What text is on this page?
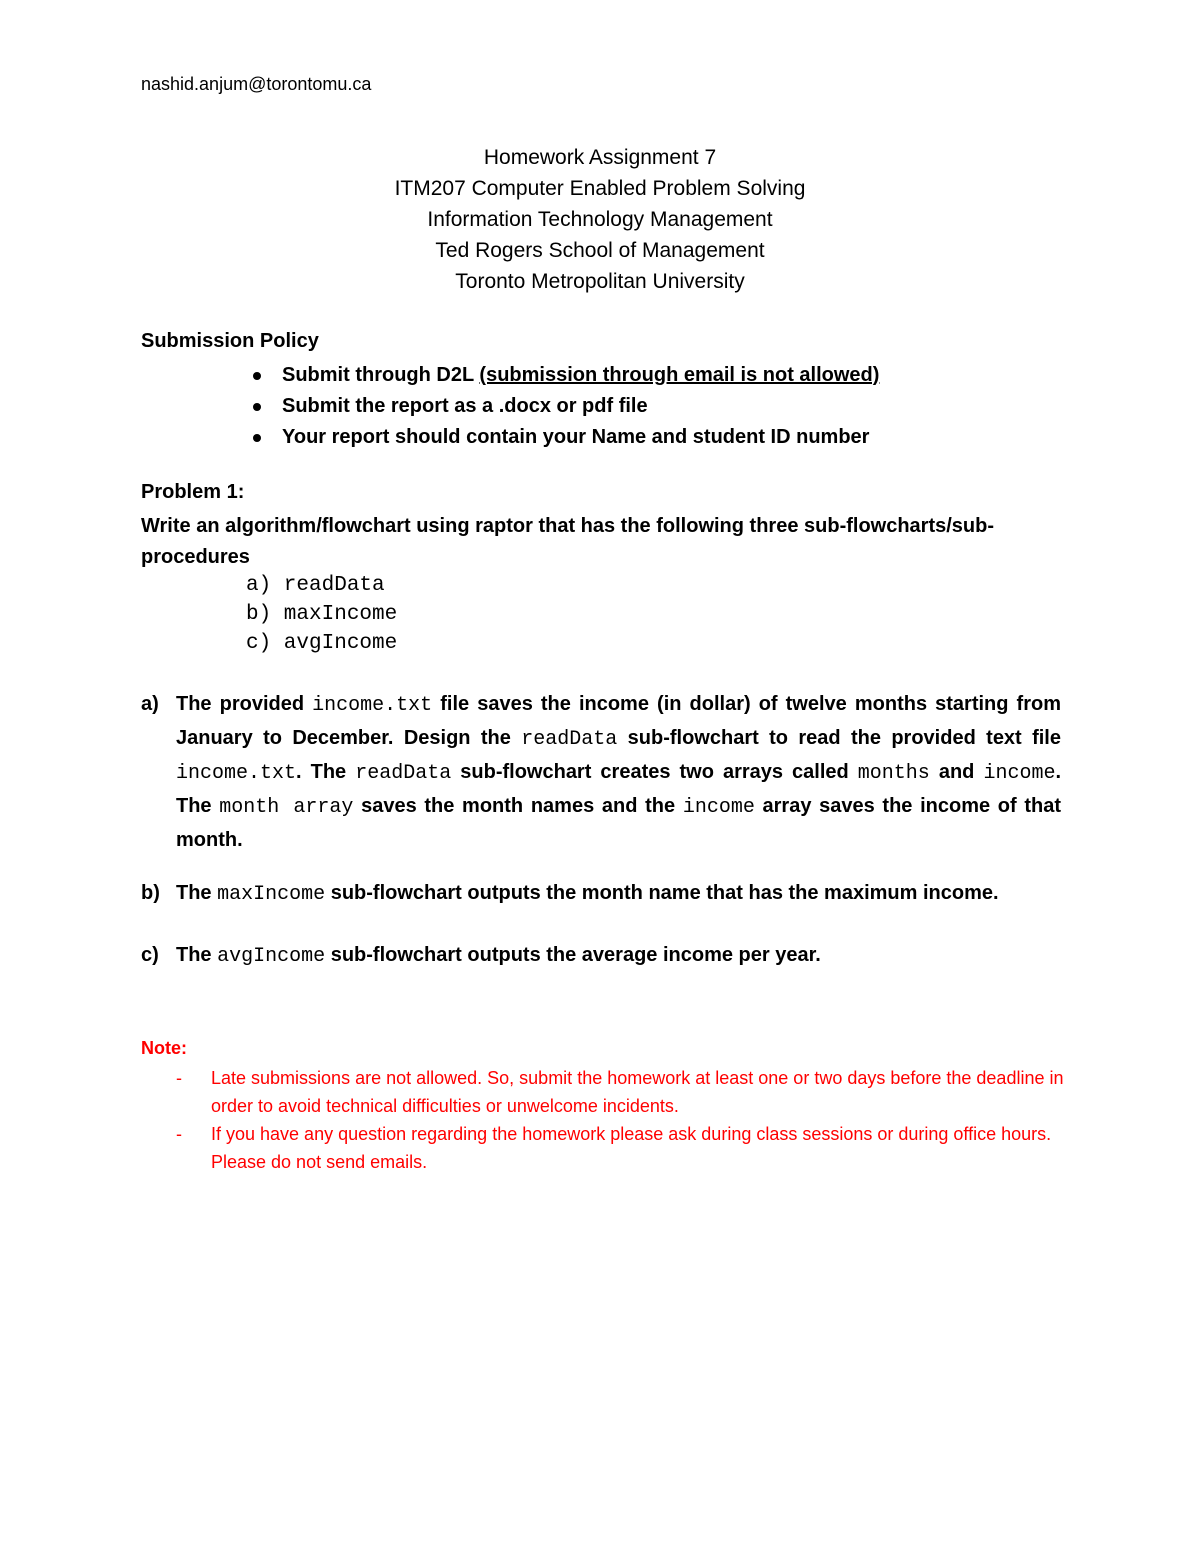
nashid.anjum@torontomu.ca
Homework Assignment 7
ITM207 Computer Enabled Problem Solving
Information Technology Management
Ted Rogers School of Management
Toronto Metropolitan University
Submission Policy
Submit through D2L (submission through email is not allowed)
Submit the report as a .docx or pdf file
Your report should contain your Name and student ID number
Problem 1:
Write an algorithm/flowchart using raptor that has the following three sub-flowcharts/sub-procedures
a) readData
b) maxIncome
c) avgIncome
a) The provided income.txt file saves the income (in dollar) of twelve months starting from January to December. Design the readData sub-flowchart to read the provided text file income.txt. The readData sub-flowchart creates two arrays called months and income. The month array saves the month names and the income array saves the income of that month.
b) The maxIncome sub-flowchart outputs the month name that has the maximum income.
c) The avgIncome sub-flowchart outputs the average income per year.
Note:
- Late submissions are not allowed. So, submit the homework at least one or two days before the deadline in order to avoid technical difficulties or unwelcome incidents.
- If you have any question regarding the homework please ask during class sessions or during office hours. Please do not send emails.
